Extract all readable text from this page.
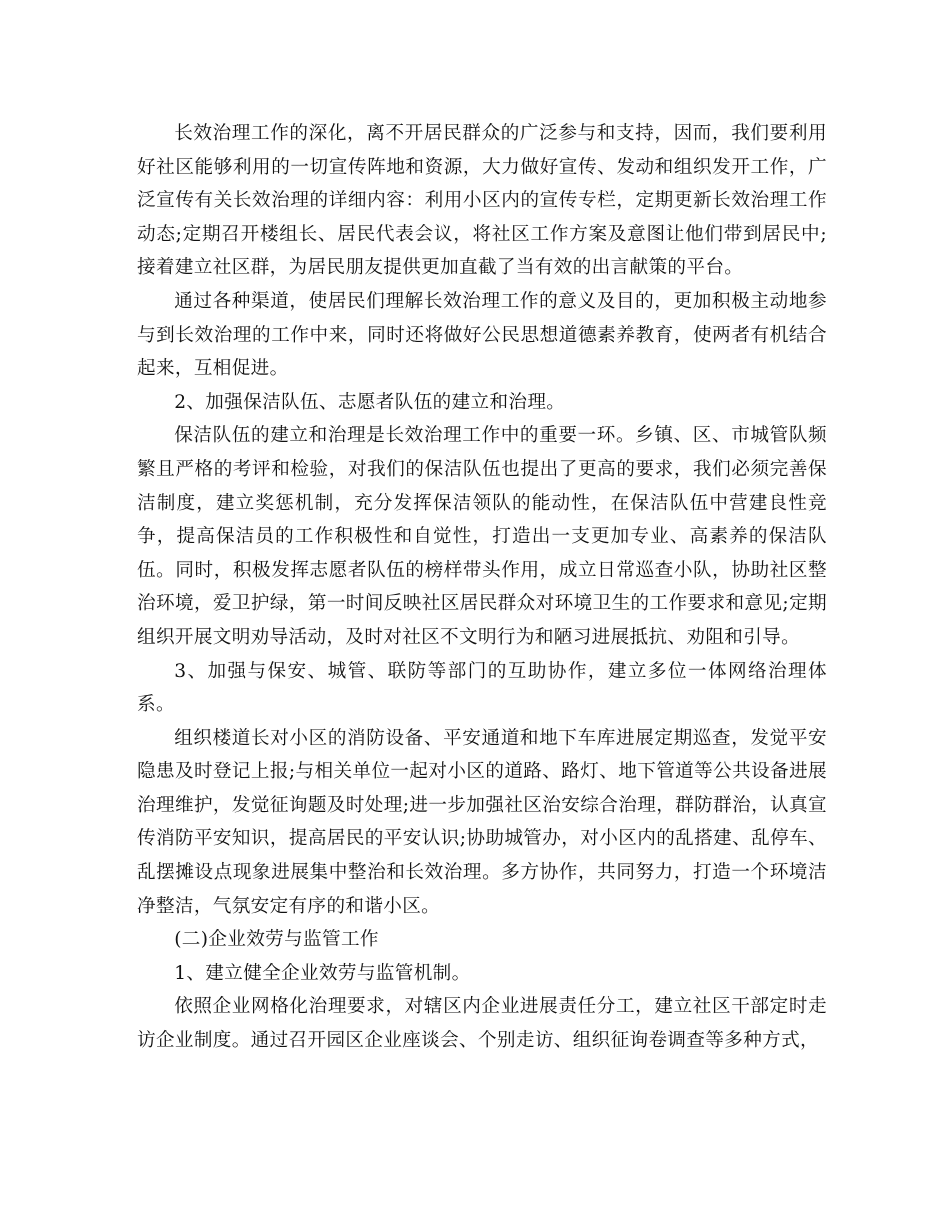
长效治理工作的深化，离不开居民群众的广泛参与和支持，因而，我们要利用好社区能够利用的一切宣传阵地和资源，大力做好宣传、发动和组织发开工作，广泛宣传有关长效治理的详细内容：利用小区内的宣传专栏，定期更新长效治理工作动态;定期召开楼组长、居民代表会议，将社区工作方案及意图让他们带到居民中;接着建立社区群，为居民朋友提供更加直截了当有效的出言献策的平台。

通过各种渠道，使居民们理解长效治理工作的意义及目的，更加积极主动地参与到长效治理的工作中来，同时还将做好公民思想道德素养教育，使两者有机结合起来，互相促进。

2、加强保洁队伍、志愿者队伍的建立和治理。

保洁队伍的建立和治理是长效治理工作中的重要一环。乡镇、区、市城管队频繁且严格的考评和检验，对我们的保洁队伍也提出了更高的要求，我们必须完善保洁制度，建立奖惩机制，充分发挥保洁领队的能动性，在保洁队伍中营建良性竞争，提高保洁员的工作积极性和自觉性，打造出一支更加专业、高素养的保洁队伍。同时，积极发挥志愿者队伍的榜样带头作用，成立日常巡查小队，协助社区整治环境，爱卫护绿，第一时间反映社区居民群众对环境卫生的工作要求和意见;定期组织开展文明劝导活动，及时对社区不文明行为和陋习进展抵抗、劝阻和引导。

3、加强与保安、城管、联防等部门的互助协作，建立多位一体网络治理体系。

组织楼道长对小区的消防设备、平安通道和地下车库进展定期巡查，发觉平安隐患及时登记上报;与相关单位一起对小区的道路、路灯、地下管道等公共设备进展治理维护，发觉征询题及时处理;进一步加强社区治安综合治理，群防群治，认真宣传消防平安知识，提高居民的平安认识;协助城管办，对小区内的乱搭建、乱停车、乱摆摊设点现象进展集中整治和长效治理。多方协作，共同努力，打造一个环境洁净整洁，气氛安定有序的和谐小区。

(二)企业效劳与监管工作

1、建立健全企业效劳与监管机制。

依照企业网格化治理要求，对辖区内企业进展责任分工，建立社区干部定时走访企业制度。通过召开园区企业座谈会、个别走访、组织征询卷调查等多种方式，
